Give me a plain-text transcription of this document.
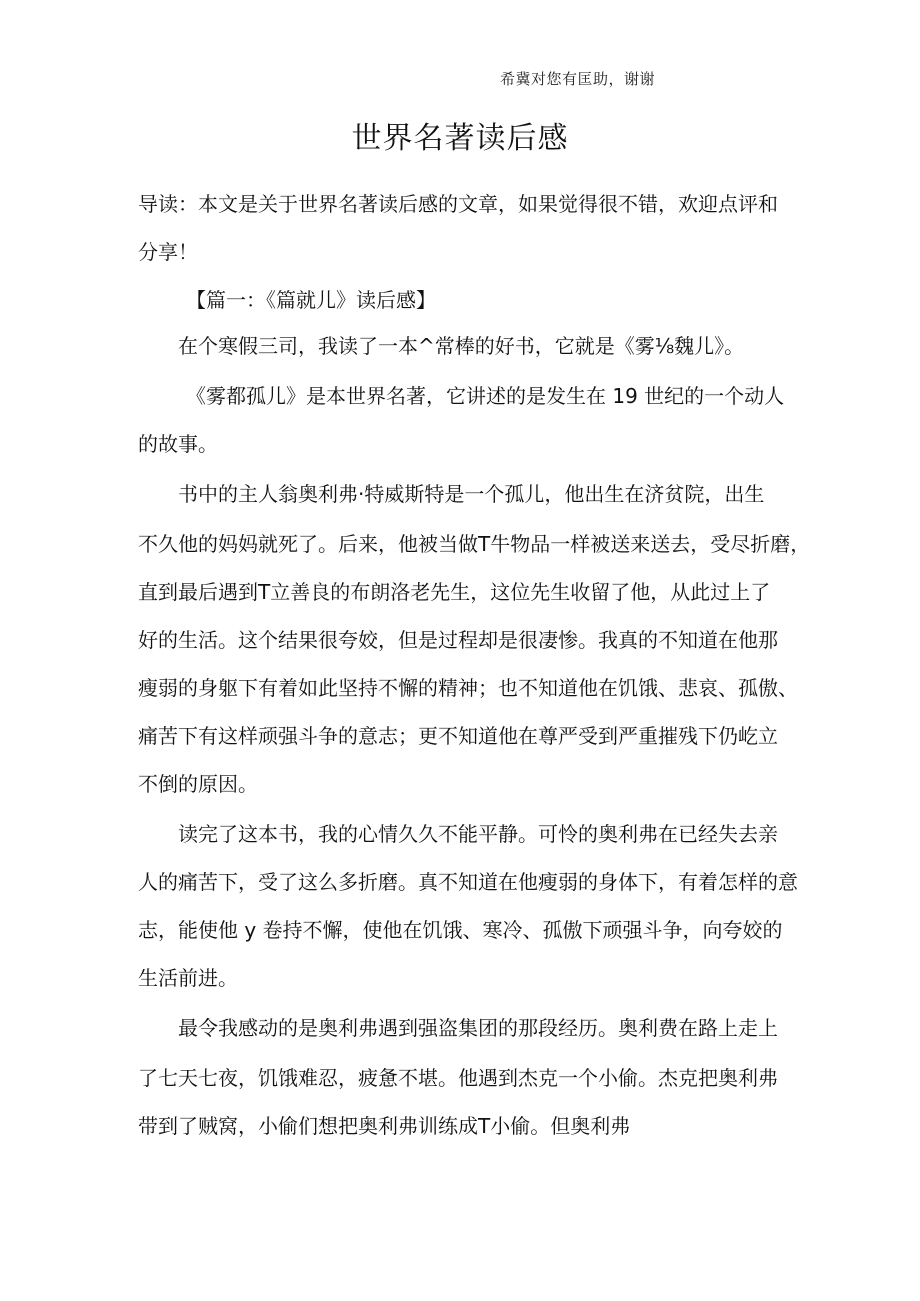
希冀对您有匡助，谢谢
世界名著读后感
导读：本文是关于世界名著读后感的文章，如果觉得很不错，欢迎点评和
分享！
【篇一：《篇就儿》读后感】
在个寒假三司，我读了一本^常棒的好书，它就是《雾⅛魏儿》。
《雾都孤儿》是本世界名著，它讲述的是发生在 19 世纪的一个动人
的故事。
书中的主人翁奥利弗·特威斯特是一个孤儿，他出生在济贫院，出生
不久他的妈妈就死了。后来，他被当做Τ牛物品一样被送来送去，受尽折磨，
直到最后遇到Τ立善良的布朗洛老先生，这位先生收留了他，从此过上了
好的生活。这个结果很夸姣，但是过程却是很凄惨。我真的不知道在他那
瘦弱的身躯下有着如此坚持不懈的精神；也不知道他在饥饿、悲哀、孤傲、
痛苦下有这样顽强斗争的意志；更不知道他在尊严受到严重摧残下仍屹立
不倒的原因。
读完了这本书，我的心情久久不能平静。可怜的奥利弗在已经失去亲
人的痛苦下，受了这么多折磨。真不知道在他瘦弱的身体下，有着怎样的意
志，能使他 y 卷持不懈，使他在饥饿、寒冷、孤傲下顽强斗争，向夸姣的
生活前进。
最令我感动的是奥利弗遇到强盗集团的那段经历。奥利费在路上走上
了七天七夜，饥饿难忍，疲惫不堪。他遇到杰克一个小偷。杰克把奥利弗
带到了贼窝，小偷们想把奥利弗训练成Τ小偷。但奥利弗
